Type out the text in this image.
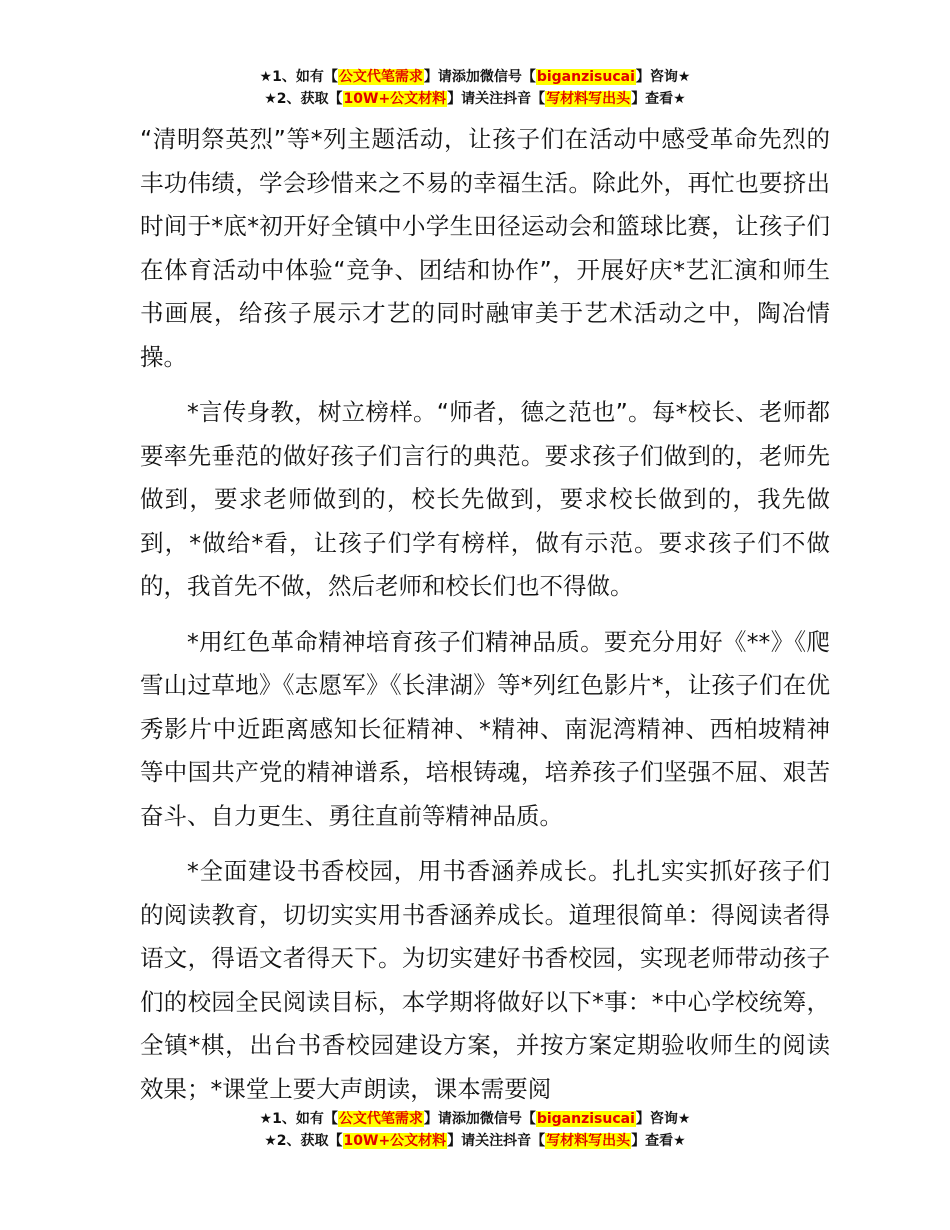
★1、如有【公文代笔需求】请添加微信号【biganzisucai】咨询★
★2、获取【10W+公文材料】请关注抖音【写材料写出头】查看★

“清明祭英烈”等*列主题活动，让孩子们在活动中感受革命先烈的丰功伟绩，学会珍惜来之不易的幸福生活。除此外，再忙也要挤出时间于*底*初开好全镇中小学生田径运动会和篮球比赛，让孩子们在体育活动中体验“竞争、团结和协作”，开展好庆*艺汇演和师生书画展，给孩子展示才艺的同时融审美于艺术活动之中，陶冶情操。

*言传身教，树立榜样。“师者，德之范也”。每*校长、老师都要率先垂范的做好孩子们言行的典范。要求孩子们做到的，老师先做到，要求老师做到的，校长先做到，要求校长做到的，我先做到，*做给*看，让孩子们学有榜样，做有示范。要求孩子们不做的，我首先不做，然后老师和校长们也不得做。

*用红色革命精神培育孩子们精神品质。要充分用好《**》《爬雪山过草地》《志愿军》《长津湖》等*列红色影片*，让孩子们在优秀影片中近距离感知长征精神、*精神、南泥湾精神、西柏坡精神等中国共产党的精神谱系，培根铸魂，培养孩子们坚强不屈、艰苦奋斗、自力更生、勇往直前等精神品质。

*全面建设书香校园，用书香涵养成长。扎扎实实抓好孩子们的阅读教育，切切实实用书香涵养成长。道理很简单：得阅读者得语文，得语文者得天下。为切实建好书香校园，实现老师带动孩子们的校园全民阅读目标，本学期将做好以下*事：*中心学校统筹，全镇*棋，出台书香校园建设方案，并按方案定期验收师生的阅读效果；*课堂上要大声朗读，课本需要阅

★1、如有【公文代笔需求】请添加微信号【biganzisucai】咨询★
★2、获取【10W+公文材料】请关注抖音【写材料写出头】查看★
